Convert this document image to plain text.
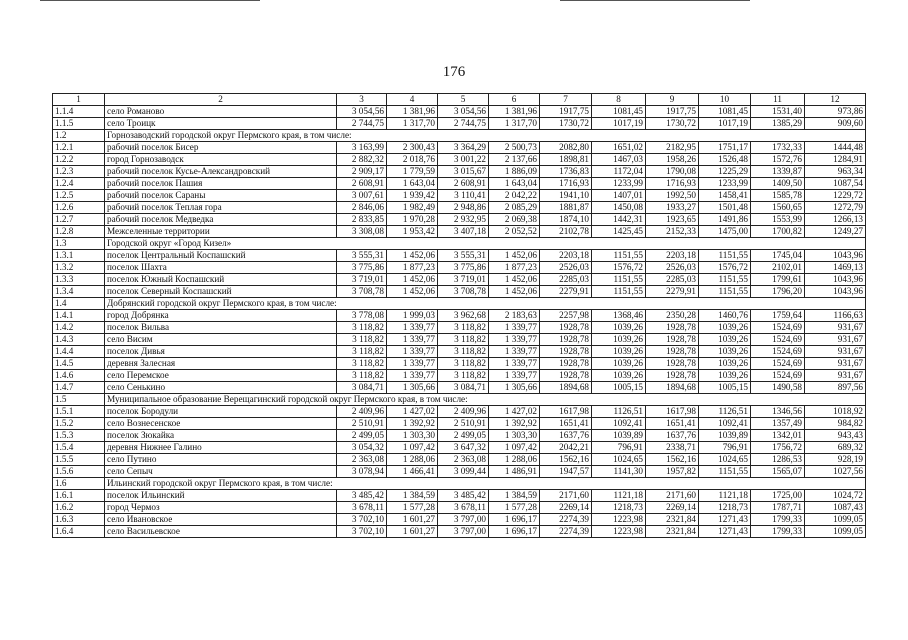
176
1	2	3	4	5	6	7	8	9	10	11	12
1.1.4	село Романово	3 054,56	1 381,96	3 054,56	1 381,96	1917,75	1081,45	1917,75	1081,45	1531,40	973,86
1.1.5	село Троицк	2 744,75	1 317,70	2 744,75	1 317,70	1730,72	1017,19	1730,72	1017,19	1385,29	909,60
1.2	Горнозаводский городской округ Пермского края, в том числе:										
1.2.1	рабочий поселок Бисер	3 163,99	2 300,43	3 364,29	2 500,73	2082,80	1651,02	2182,95	1751,17	1732,33	1444,48
1.2.2	город Горнозаводск	2 882,32	2 018,76	3 001,22	2 137,66	1898,81	1467,03	1958,26	1526,48	1572,76	1284,91
1.2.3	рабочий поселок Кусье-Александровский	2 909,17	1 779,59	3 015,67	1 886,09	1736,83	1172,04	1790,08	1225,29	1339,87	963,34
1.2.4	рабочий поселок Пашия	2 608,91	1 643,04	2 608,91	1 643,04	1716,93	1233,99	1716,93	1233,99	1409,50	1087,54
1.2.5	рабочий поселок Сараны	3 007,61	1 939,42	3 110,41	2 042,22	1941,10	1407,01	1992,50	1458,41	1585,78	1229,72
1.2.6	рабочий поселок Теплая гора	2 846,06	1 982,49	2 948,86	2 085,29	1881,87	1450,08	1933,27	1501,48	1560,65	1272,79
1.2.7	рабочий поселок Медведка	2 833,85	1 970,28	2 932,95	2 069,38	1874,10	1442,31	1923,65	1491,86	1553,99	1266,13
1.2.8	Межселенные территории	3 308,08	1 953,42	3 407,18	2 052,52	2102,78	1425,45	2152,33	1475,00	1700,82	1249,27
1.3	Городской округ «Город Кизел»										
1.3.1	поселок Центральный Коспашский	3 555,31	1 452,06	3 555,31	1 452,06	2203,18	1151,55	2203,18	1151,55	1745,04	1043,96
1.3.2	поселок Шахта	3 775,86	1 877,23	3 775,86	1 877,23	2526,03	1576,72	2526,03	1576,72	2102,01	1469,13
1.3.3	поселок Южный Коспашский	3 719,01	1 452,06	3 719,01	1 452,06	2285,03	1151,55	2285,03	1151,55	1799,61	1043,96
1.3.4	поселок Северный Коспашский	3 708,78	1 452,06	3 708,78	1 452,06	2279,91	1151,55	2279,91	1151,55	1796,20	1043,96
1.4	Добрянский городской округ Пермского края, в том числе:										
1.4.1	город Добрянка	3 778,08	1 999,03	3 962,68	2 183,63	2257,98	1368,46	2350,28	1460,76	1759,64	1166,63
1.4.2	поселок Вильва	3 118,82	1 339,77	3 118,82	1 339,77	1928,78	1039,26	1928,78	1039,26	1524,69	931,67
1.4.3	село Висим	3 118,82	1 339,77	3 118,82	1 339,77	1928,78	1039,26	1928,78	1039,26	1524,69	931,67
1.4.4	поселок Дивья	3 118,82	1 339,77	3 118,82	1 339,77	1928,78	1039,26	1928,78	1039,26	1524,69	931,67
1.4.5	деревня Залесная	3 118,82	1 339,77	3 118,82	1 339,77	1928,78	1039,26	1928,78	1039,26	1524,69	931,67
1.4.6	село Перемское	3 118,82	1 339,77	3 118,82	1 339,77	1928,78	1039,26	1928,78	1039,26	1524,69	931,67
1.4.7	село Сенькино	3 084,71	1 305,66	3 084,71	1 305,66	1894,68	1005,15	1894,68	1005,15	1490,58	897,56
1.5	Муниципальное образование Верещагинский городской округ Пермского края, в том числе:										
1.5.1	поселок Бородули	2 409,96	1 427,02	2 409,96	1 427,02	1617,98	1126,51	1617,98	1126,51	1346,56	1018,92
1.5.2	село Вознесенское	2 510,91	1 392,92	2 510,91	1 392,92	1651,41	1092,41	1651,41	1092,41	1357,49	984,82
1.5.3	поселок Зюкайка	2 499,05	1 303,30	2 499,05	1 303,30	1637,76	1039,89	1637,76	1039,89	1342,01	943,43
1.5.4	деревня Нижнее Галино	3 054,32	1 097,42	3 647,32	1 097,42	2042,21	796,91	2338,71	796,91	1756,72	689,32
1.5.5	село Путино	2 363,08	1 288,06	2 363,08	1 288,06	1562,16	1024,65	1562,16	1024,65	1286,53	928,19
1.5.6	село Сепыч	3 078,94	1 466,41	3 099,44	1 486,91	1947,57	1141,30	1957,82	1151,55	1565,07	1027,56
1.6	Ильинский городской округ Пермского края, в том числе:										
1.6.1	поселок Ильинский	3 485,42	1 384,59	3 485,42	1 384,59	2171,60	1121,18	2171,60	1121,18	1725,00	1024,72
1.6.2	город Чермоз	3 678,11	1 577,28	3 678,11	1 577,28	2269,14	1218,73	2269,14	1218,73	1787,71	1087,43
1.6.3	село Ивановское	3 702,10	1 601,27	3 797,00	1 696,17	2274,39	1223,98	2321,84	1271,43	1799,33	1099,05
1.6.4	село Васильевское	3 702,10	1 601,27	3 797,00	1 696,17	2274,39	1223,98	2321,84	1271,43	1799,33	1099,05
